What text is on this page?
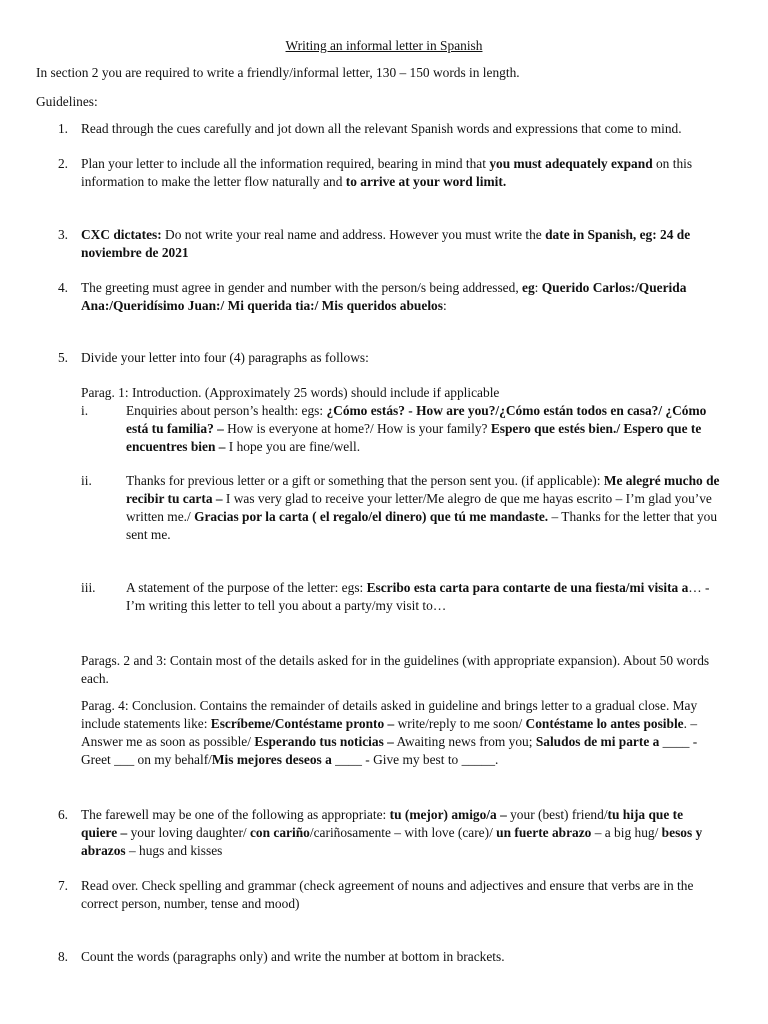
Writing an informal letter in Spanish
In section 2 you are required to write a friendly/informal letter, 130 – 150 words in length.
Guidelines:
1. Read through the cues carefully and jot down all the relevant Spanish words and expressions that come to mind.
2. Plan your letter to include all the information required, bearing in mind that you must adequately expand on this information to make the letter flow naturally and to arrive at your word limit.
3. CXC dictates: Do not write your real name and address. However you must write the date in Spanish, eg: 24 de noviembre de 2021
4. The greeting must agree in gender and number with the person/s being addressed, eg: Querido Carlos:/Querida Ana:/Queridísimo Juan:/ Mi querida tia:/ Mis queridos abuelos:
5. Divide your letter into four (4) paragraphs as follows:
Parag. 1: Introduction. (Approximately 25 words) should include if applicable
i.	Enquiries about person’s health: egs: ¿Cómo estás? - How are you?/¿Cómo están todos en casa?/ ¿Cómo está tu familia? – How is everyone at home?/ How is your family? Espero que estés bien./ Espero que te encuentres bien – I hope you are fine/well.
ii.	Thanks for previous letter or a gift or something that the person sent you. (if applicable): Me alegré mucho de recibir tu carta – I was very glad to receive your letter/Me alegro de que me hayas escrito – I’m glad you’ve written me./ Gracias por la carta ( el regalo/el dinero) que tú me mandaste. – Thanks for the letter that you sent me.
iii. A statement of the purpose of the letter: egs: Escribo esta carta para contarte de una fiesta/mi visita a… - I’m writing this letter to tell you about a party/my visit to…
Parags. 2 and 3: Contain most of the details asked for in the guidelines (with appropriate expansion). About 50 words each.
Parag. 4: Conclusion. Contains the remainder of details asked in guideline and brings letter to a gradual close. May include statements like: Escríbeme/Contéstame pronto – write/reply to me soon/ Contéstame lo antes posible. – Answer me as soon as possible/ Esperando tus noticias – Awaiting news from you; Saludos de mi parte a ____ - Greet ___ on my behalf/Mis mejores deseos a ____ - Give my best to _____.
6. The farewell may be one of the following as appropriate: tu (mejor) amigo/a – your (best) friend/tu hija que te quiere – your loving daughter/ con cariño/cariñosamente – with love (care)/ un fuerte abrazo – a big hug/ besos y abrazos – hugs and kisses
7. Read over. Check spelling and grammar (check agreement of nouns and adjectives and ensure that verbs are in the correct person, number, tense and mood)
8. Count the words (paragraphs only) and write the number at bottom in brackets.
